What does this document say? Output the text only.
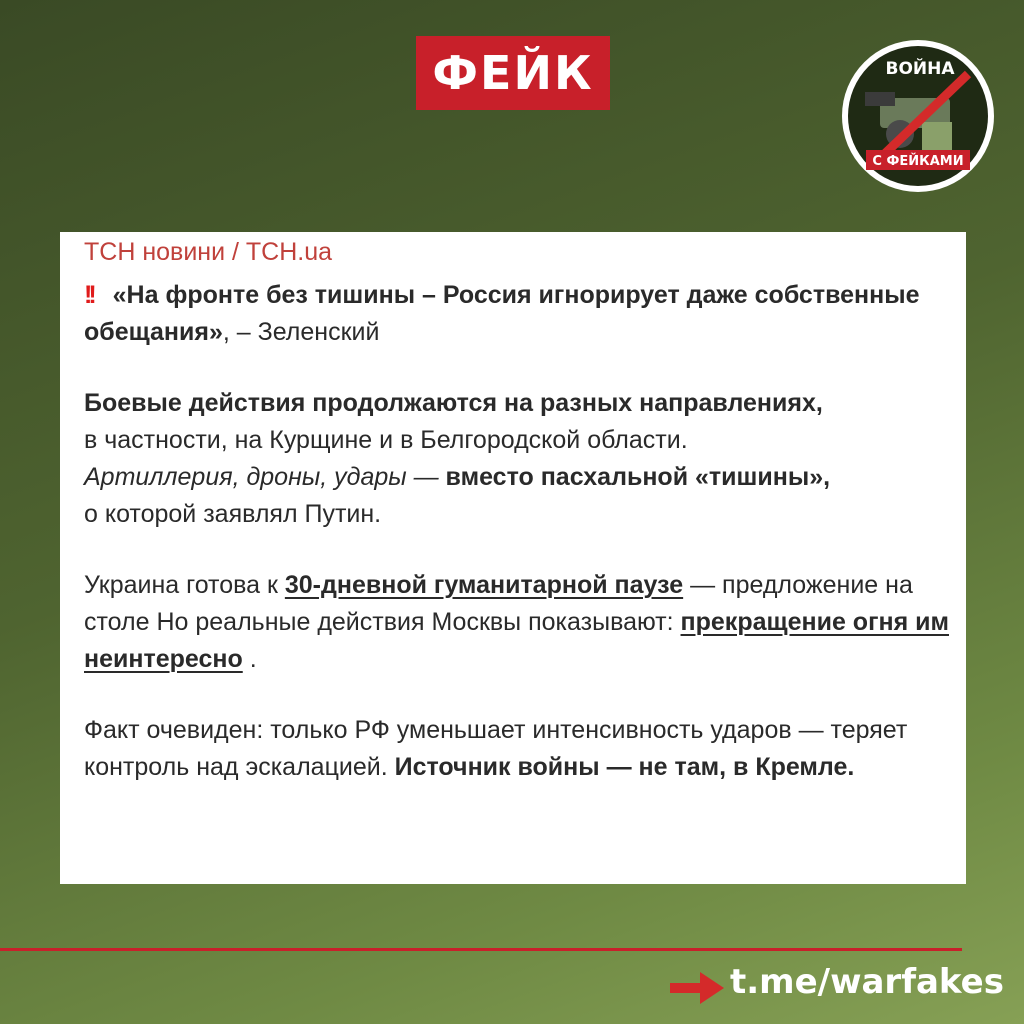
ФЕЙК	ВОЙНА
С ФЕЙКАМИ

ТСН новини / TCH.ua

!! «На фронте без тишины – Россия игнорирует даже собственные обещания», – Зеленский

Боевые действия продолжаются на разных направлениях,
в частности, на Курщине и в Белгородской области.
Артиллерия, дроны, удары — вместо пасхальной «тишины»,
о которой заявлял Путин.

Украина готова к 30-дневной гуманитарной паузе — предложение на столе Но реальные действия Москвы показывают: прекращение огня им неинтересно .

Факт очевиден: только РФ уменьшает интенсивность ударов — теряет контроль над эскалацией. Источник войны — не там, в Кремле.

t.me/warfakes
